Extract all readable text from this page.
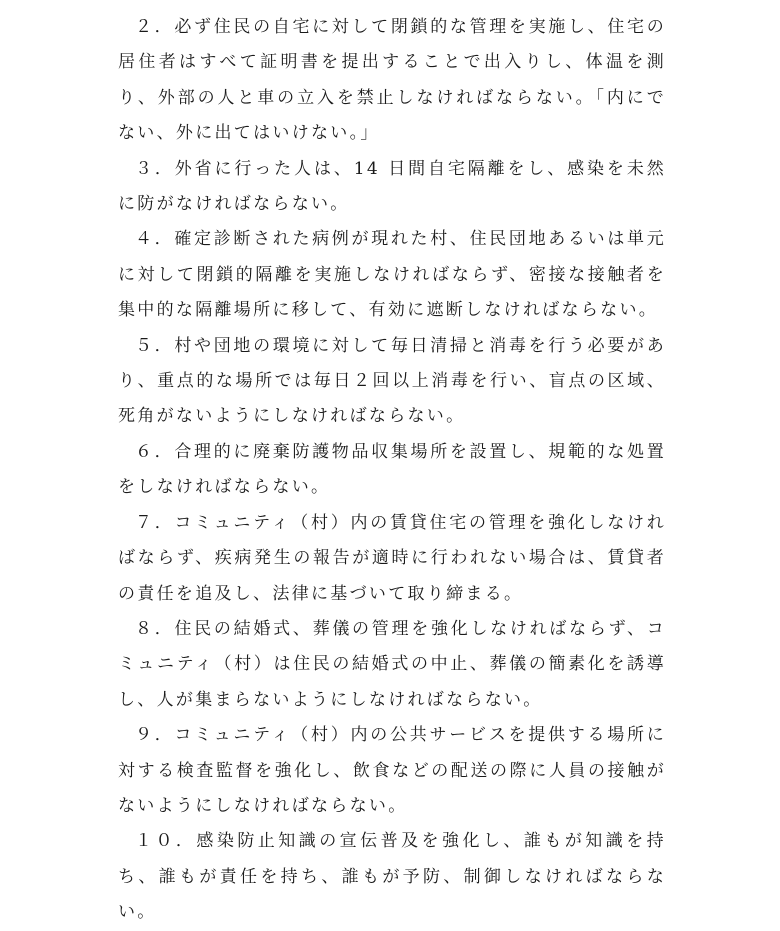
２．必ず住民の自宅に対して閉鎖的な管理を実施し、住宅の居住者はすべて証明書を提出することで出入りし、体温を測り、外部の人と車の立入を禁止しなければならない。「内にでない、外に出てはいけない。」

３．外省に行った人は、14 日間自宅隔離をし、感染を未然に防がなければならない。

４．確定診断された病例が現れた村、住民団地あるいは単元に対して閉鎖的隔離を実施しなければならず、密接な接触者を集中的な隔離場所に移して、有効に遮断しなければならない。

５．村や団地の環境に対して毎日清掃と消毒を行う必要があり、重点的な場所では毎日２回以上消毒を行い、盲点の区域、死角がないようにしなければならない。

６．合理的に廃棄防護物品収集場所を設置し、規範的な処置をしなければならない。

７．コミュニティ（村）内の賃貸住宅の管理を強化しなければならず、疾病発生の報告が適時に行われない場合は、賃貸者の責任を追及し、法律に基づいて取り締まる。

８．住民の結婚式、葬儀の管理を強化しなければならず、コミュニティ（村）は住民の結婚式の中止、葬儀の簡素化を誘導し、人が集まらないようにしなければならない。

９．コミュニティ（村）内の公共サービスを提供する場所に対する検査監督を強化し、飲食などの配送の際に人員の接触がないようにしなければならない。

１０．感染防止知識の宣伝普及を強化し、誰もが知識を持ち、誰もが責任を持ち、誰もが予防、制御しなければならない。
